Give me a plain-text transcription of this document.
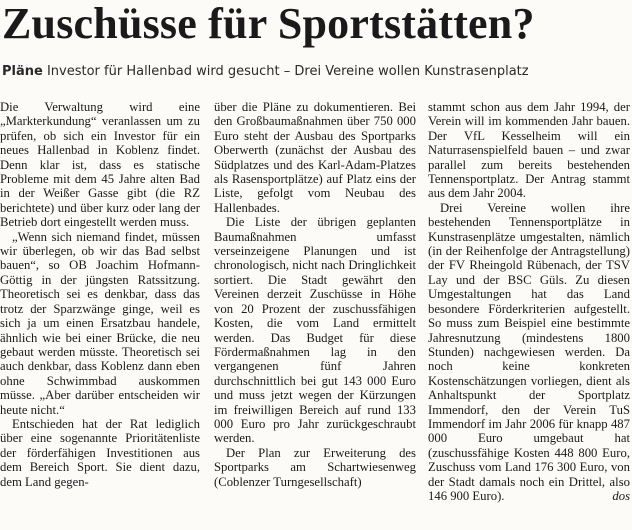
Zuschüsse für Sportstätten?
Pläne Investor für Hallenbad wird gesucht – Drei Vereine wollen Kunstrasenplatz

Die Verwaltung wird eine „Markterkundung“ veranlassen um zu prüfen, ob sich ein Investor für ein neues Hallenbad in Koblenz findet. Denn klar ist, dass es statische Probleme mit dem 45 Jahre alten Bad in der Weißer Gasse gibt (die RZ berichtete) und über kurz oder lang der Betrieb dort eingestellt werden muss.

„Wenn sich niemand findet, müssen wir überlegen, ob wir das Bad selbst bauen“, so OB Joachim Hofmann-Göttig in der jüngsten Ratssitzung. Theoretisch sei es denkbar, dass das trotz der Sparzwänge ginge, weil es sich ja um einen Ersatzbau handele, ähnlich wie bei einer Brücke, die neu gebaut werden müsste. Theoretisch sei auch denkbar, dass Koblenz dann eben ohne Schwimmbad auskommen müsse. „Aber darüber entscheiden wir heute nicht.“

Entschieden hat der Rat lediglich über eine sogenannte Prioritätenliste der förderfähigen Investitionen aus dem Bereich Sport. Sie dient dazu, dem Land gegen-

über die Pläne zu dokumentieren. Bei den Großbaumaßnahmen über 750 000 Euro steht der Ausbau des Sportparks Oberwerth (zunächst der Ausbau des Südplatzes und des Karl-Adam-Platzes als Rasensportplätze) auf Platz eins der Liste, gefolgt vom Neubau des Hallenbades.

Die Liste der übrigen geplanten Baumaßnahmen umfasst verseinzeigene Planungen und ist chronologisch, nicht nach Dringlichkeit sortiert. Die Stadt gewährt den Vereinen derzeit Zuschüsse in Höhe von 20 Prozent der zuschussfähigen Kosten, die vom Land ermittelt werden. Das Budget für diese Fördermaßnahmen lag in den vergangenen fünf Jahren durchschnittlich bei gut 143 000 Euro und muss jetzt wegen der Kürzungen im freiwilligen Bereich auf rund 133 000 Euro pro Jahr zurückgeschraubt werden.

Der Plan zur Erweiterung des Sportparks am Schartwiesenweg (Coblenzer Turngesellschaft)

stammt schon aus dem Jahr 1994, der Verein will im kommenden Jahr bauen. Der VfL Kesselheim will ein Naturrasenspielfeld bauen – und zwar parallel zum bereits bestehenden Tennensportplatz. Der Antrag stammt aus dem Jahr 2004.

Drei Vereine wollen ihre bestehenden Tennensportplätze in Kunstrasenplätze umgestalten, nämlich (in der Reihenfolge der Antragstellung) der FV Rheingold Rübenach, der TSV Lay und der BSC Güls. Zu diesen Umgestaltungen hat das Land besondere Förderkriterien aufgestellt. So muss zum Beispiel eine bestimmte Jahresnutzung (mindestens 1800 Stunden) nachgewiesen werden. Da noch keine konkreten Kostenschätzungen vorliegen, dient als Anhaltspunkt der Sportplatz Immendorf, den der Verein TuS Immendorf im Jahr 2006 für knapp 487 000 Euro umgebaut hat (zuschussfähige Kosten 448 800 Euro, Zuschuss vom Land 176 300 Euro, von der Stadt damals noch ein Drittel, also 146 900 Euro).	dos
